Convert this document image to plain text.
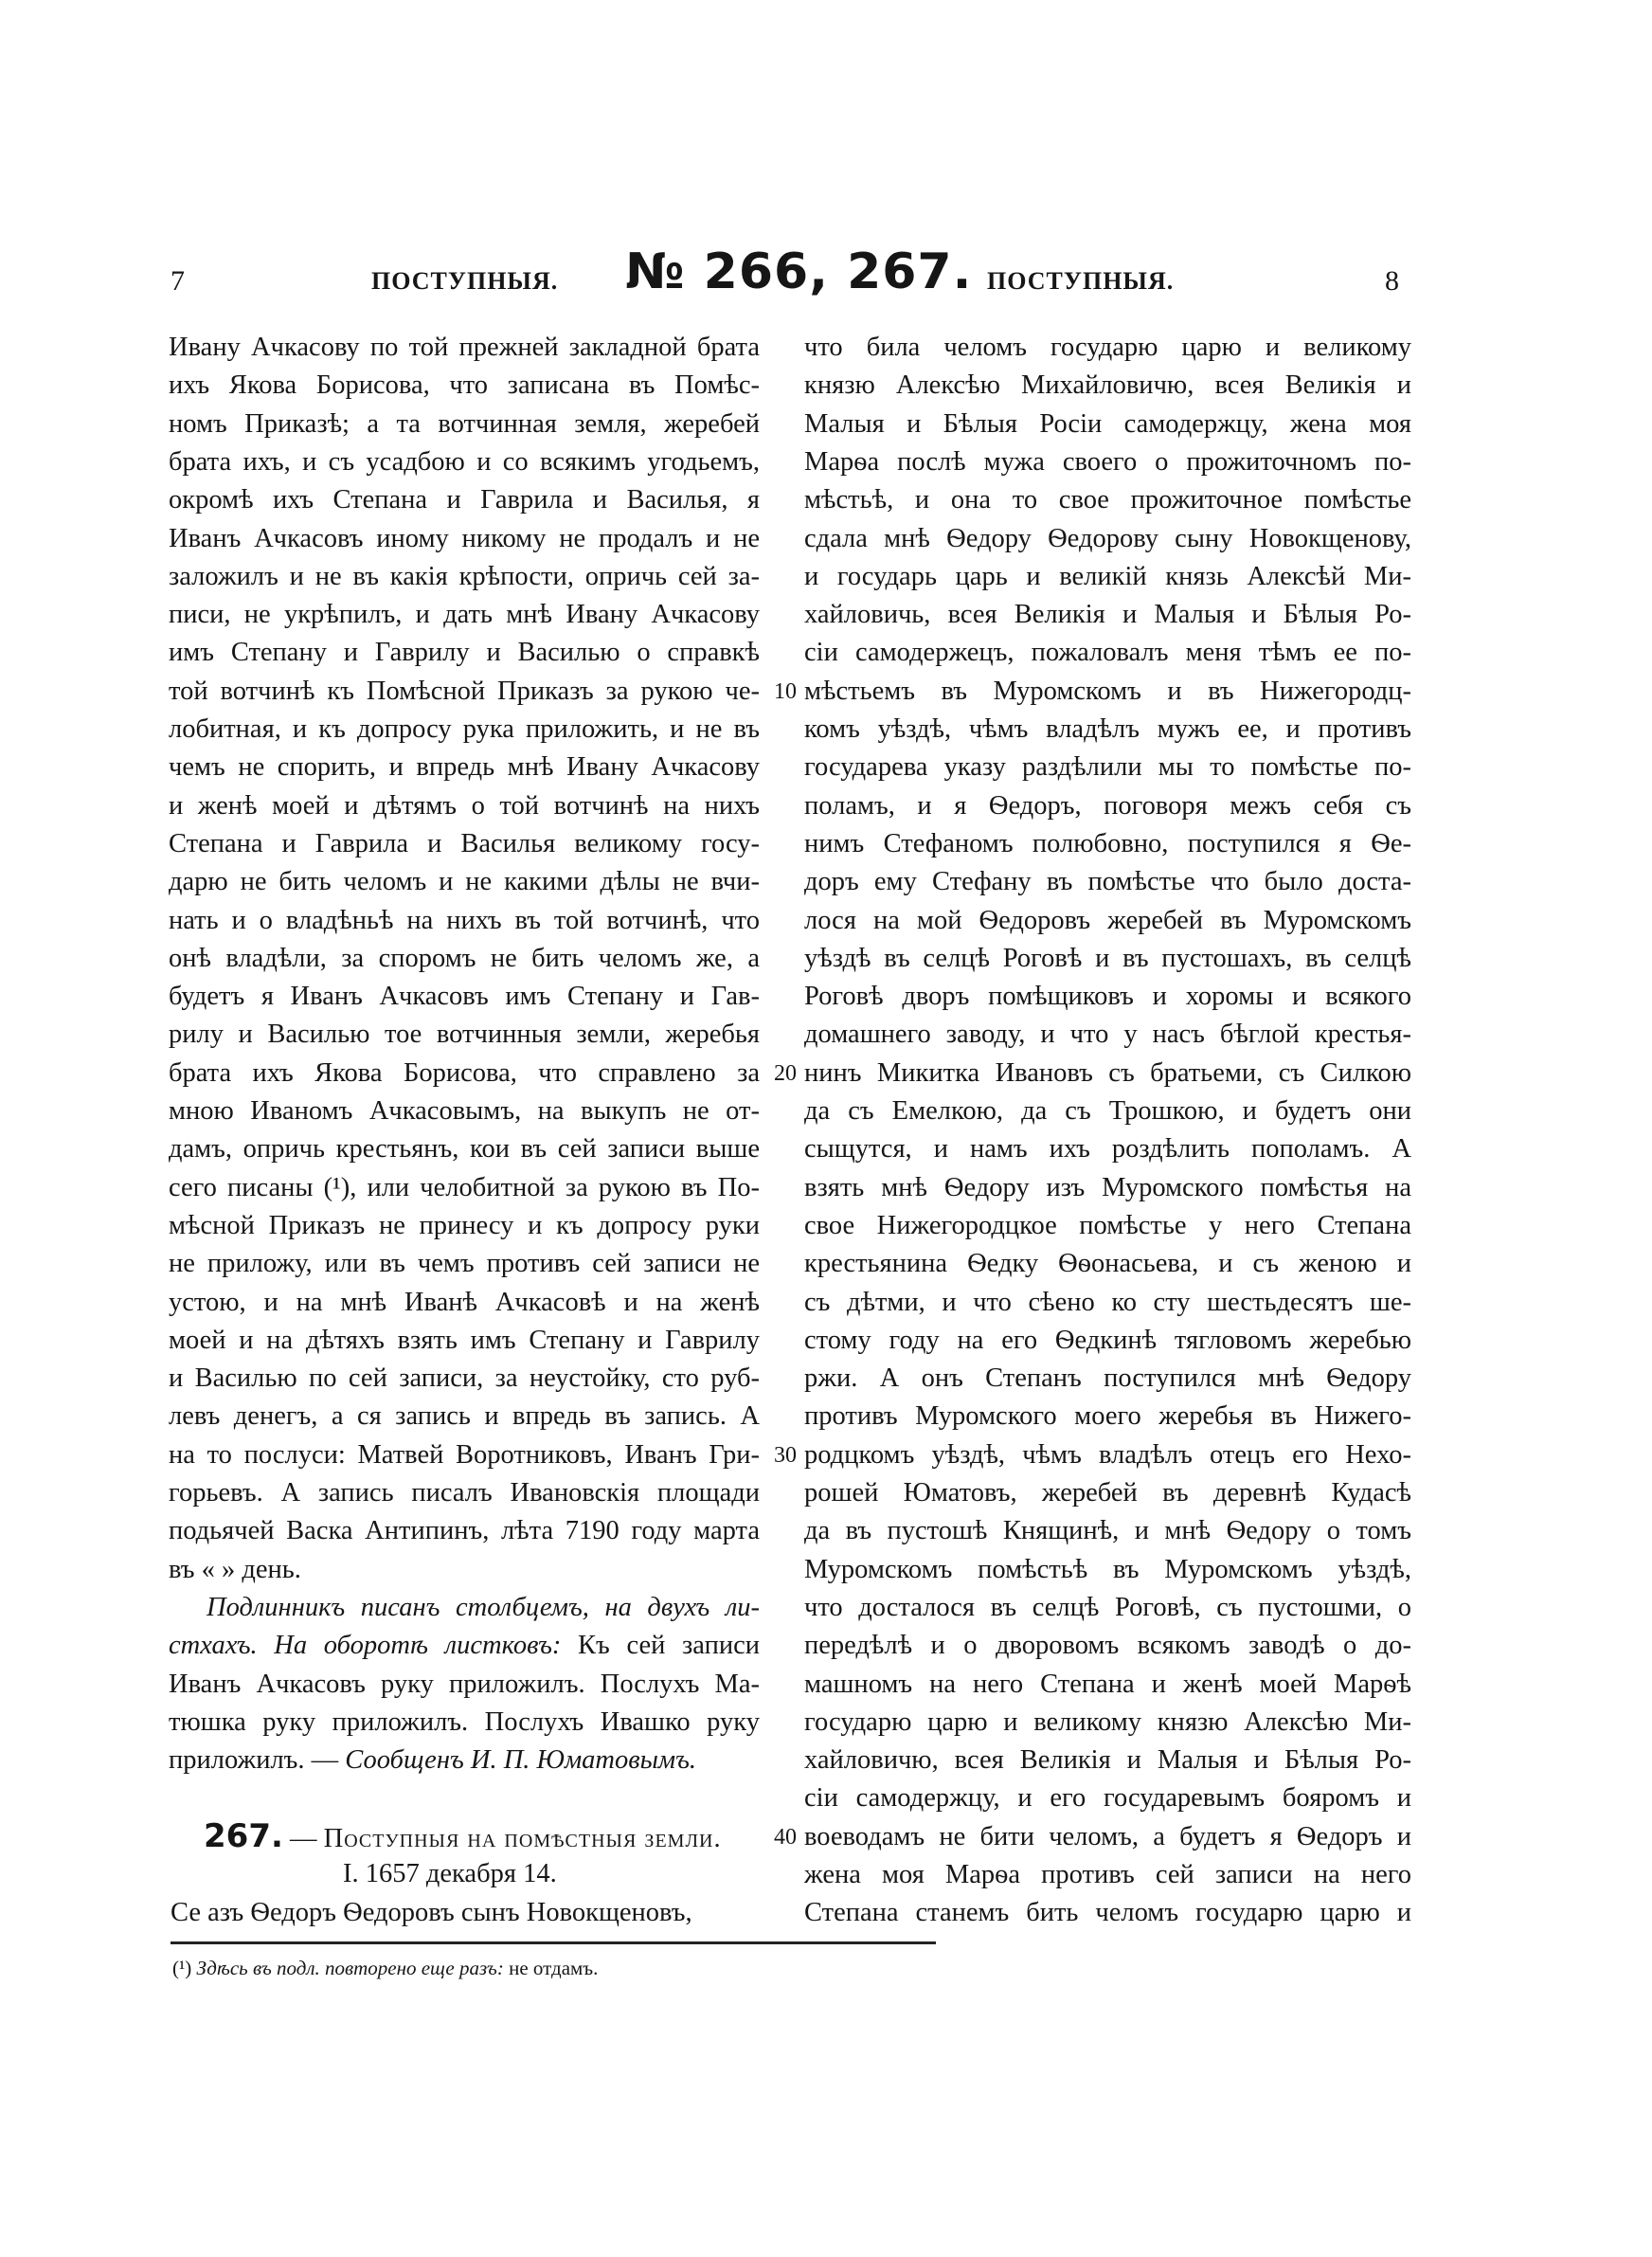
7	ПОСТУПНЫЯ. № 266, 267. ПОСТУПНЫЯ.	8
Ивану Ачкасову по той прежней закладной брата
ихъ Якова Борисова, что записана въ Помѣс-
номъ Приказѣ; а та вотчинная земля, жеребей
брата ихъ, и съ усадбою и со всякимъ угодьемъ,
окромѣ ихъ Степана и Гаврила и Василья, я
Иванъ Ачкасовъ иному никому не продалъ и не
заложилъ и не въ какiя крѣпости, опричь сей за-
писи, не укрѣпилъ, и дать мнѣ Ивану Ачкасову
имъ Степану и Гаврилу и Василью о справкѣ
той вотчинѣ къ Помѣсной Приказъ за рукою че-
лобитная, и къ допросу рука приложить, и не въ
чемъ не спорить, и впредь мнѣ Ивану Ачкасову
и женѣ моей и дѣтямъ о той вотчинѣ на нихъ
Степана и Гаврила и Василья великому госу-
дарю не бить челомъ и не какими дѣлы не вчи-
нать и о владѣньѣ на нихъ въ той вотчинѣ, что
онѣ владѣли, за споромъ не бить челомъ же, а
будетъ я Иванъ Ачкасовъ имъ Степану и Гав-
рилу и Василью тое вотчинныя земли, жеребья
брата ихъ Якова Борисова, что справлено за
мною Иваномъ Ачкасовымъ, на выкупъ не от-
дамъ, опричь крестьянъ, кои въ сей записи выше
сего писаны (¹), или челобитной за рукою въ По-
мѣсной Приказъ не принесу и къ допросу руки
не приложу, или въ чемъ противъ сей записи не
устою, и на мнѣ Иванѣ Ачкасовѣ и на женѣ
моей и на дѣтяхъ взять имъ Степану и Гаврилу
и Василью по сей записи, за неустойку, сто руб-
левъ денегъ, а ся запись и впредь въ запись. А
на то послуси: Матвей Воротниковъ, Иванъ Гри-
горьевъ. А запись писалъ Ивановскiя площади
подьячей Васка Антипинъ, лѣта 7190 году марта
въ « » день.
Подлинникъ писанъ столбцемъ, на двухъ ли-
стхахъ. На оборотѣ листковъ: Къ сей записи
Иванъ Ачкасовъ руку приложилъ. Послухъ Ма-
тюшка руку приложилъ. Послухъ Ивашко руку
приложилъ. — Сообщенъ И. П. Юматовымъ.
что била челомъ государю царю и великому
князю Алексѣю Михайловичю, всея Великiя и
Малыя и Бѣлыя Росiи самодержцу, жена моя
Марѳа послѣ мужа своего о прожиточномъ по-
мѣстьѣ, и она то свое прожиточное помѣстье
сдала мнѣ Ѳедору Ѳедорову сыну Новокщенову,
и государь царь и великiй князь Алексѣй Ми-
хайловичь, всея Великiя и Малыя и Бѣлыя Ро-
сiи самодержецъ, пожаловалъ меня тѣмъ ее по-
мѣстьемъ въ Муромскомъ и въ Нижегородц-
комъ уѣздѣ, чѣмъ владѣлъ мужъ ее, и противъ
государева указу раздѣлили мы то помѣстье по-
поламъ, и я Ѳедоръ, поговоря межъ себя съ
нимъ Стефаномъ полюбовно, поступился я Ѳе-
доръ ему Стефану въ помѣстье что было доста-
лося на мой Ѳедоровъ жеребей въ Муромскомъ
уѣздѣ въ селцѣ Роговѣ и въ пустошахъ, въ селцѣ
Роговѣ дворъ помѣщиковъ и хоромы и всякого
домашнего заводу, и что у насъ бѣглой крестья-
нинъ Микитка Ивановъ съ братьеми, съ Силкою
да съ Емелкою, да съ Трошкою, и будетъ они
сыщутся, и намъ ихъ роздѣлить пополамъ. А
взять мнѣ Ѳедору изъ Муромского помѣстья на
свое Нижегородцкое помѣстье у него Степана
крестьянина Ѳедку Ѳѳонасьева, и съ женою и
съ дѣтми, и что сѣено ко сту шестьдесятъ ше-
стому году на его Ѳедкинѣ тягловомъ жеребью
ржи. А онъ Степанъ поступился мнѣ Ѳедору
противъ Муромского моего жеребья въ Нижего-
родцкомъ уѣздѣ, чѣмъ владѣлъ отецъ его Нехо-
рошей Юматовъ, жеребей въ деревнѣ Кудасѣ
да въ пустошѣ Княщинѣ, и мнѣ Ѳедору о томъ
Муромскомъ помѣстьѣ въ Муромскомъ уѣздѣ,
что досталося въ селцѣ Роговѣ, съ пустошми, о
передѣлѣ и о дворовомъ всякомъ заводѣ о до-
машномъ на него Степана и женѣ моей Марѳѣ
государю царю и великому князю Алексѣю Ми-
хайловичю, всея Великiя и Малыя и Бѣлыя Ро-
сiи самодержцу, и его государевымъ бояромъ и
воеводамъ не бити челомъ, а будетъ я Ѳедоръ и
жена моя Марѳа противъ сей записи на него
Степана станемъ бить челомъ государю царю и
10
20
30
40
267. — Поступныя на помѣстныя земли.
I. 1657 декабря 14.
Се азъ Ѳедоръ Ѳедоровъ сынъ Новокщеновъ,
(¹) Здѣсь въ подл. повторено еще разъ: не отдамъ.
